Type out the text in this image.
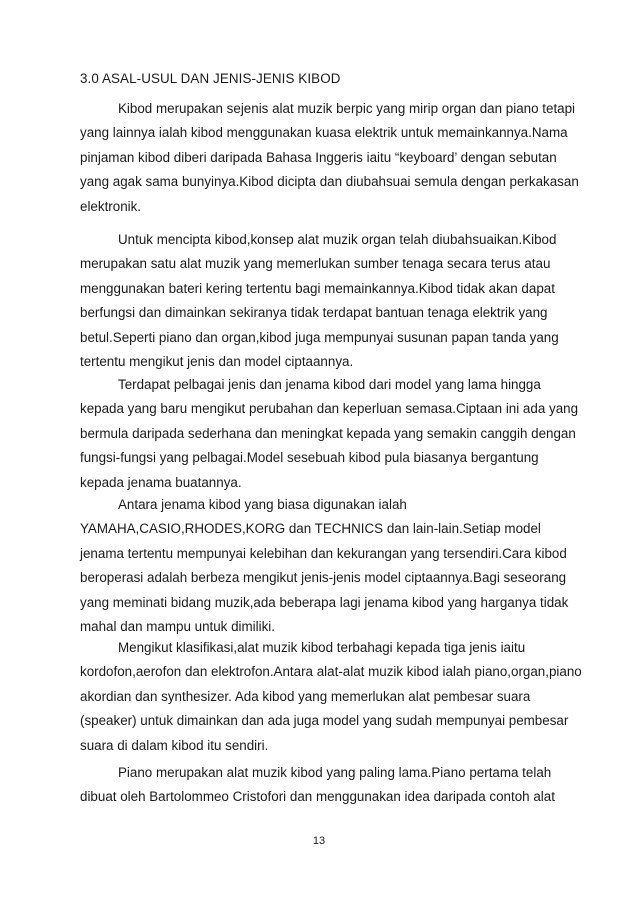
3.0 ASAL-USUL DAN JENIS-JENIS KIBOD
Kibod merupakan sejenis alat muzik berpic yang mirip organ dan piano tetapi
yang lainnya ialah kibod menggunakan kuasa elektrik untuk memainkannya.Nama
pinjaman kibod diberi daripada Bahasa Inggeris iaitu “keyboard’ dengan sebutan
yang agak sama bunyinya.Kibod dicipta dan diubahsuai semula dengan perkakasan
elektronik.
Untuk mencipta kibod,konsep alat muzik organ telah diubahsuaikan.Kibod
merupakan satu alat muzik yang memerlukan sumber tenaga secara terus atau
menggunakan bateri kering tertentu bagi memainkannya.Kibod tidak akan dapat
berfungsi dan dimainkan sekiranya tidak terdapat bantuan tenaga elektrik yang
betul.Seperti piano dan organ,kibod juga mempunyai susunan papan tanda yang
tertentu mengikut jenis dan model ciptaannya.
Terdapat pelbagai jenis dan jenama kibod dari model yang lama hingga
kepada yang baru mengikut perubahan dan keperluan semasa.Ciptaan ini ada yang
bermula daripada sederhana dan meningkat kepada yang semakin canggih dengan
fungsi-fungsi yang pelbagai.Model sesebuah kibod pula biasanya bergantung
kepada jenama buatannya.
Antara jenama kibod yang biasa digunakan ialah
YAMAHA,CASIO,RHODES,KORG dan TECHNICS dan lain-lain.Setiap model
jenama tertentu mempunyai kelebihan dan kekurangan yang tersendiri.Cara kibod
beroperasi adalah berbeza mengikut jenis-jenis model ciptaannya.Bagi seseorang
yang meminati bidang muzik,ada beberapa lagi jenama kibod yang harganya tidak
mahal dan mampu untuk dimiliki.
Mengikut klasifikasi,alat muzik kibod terbahagi kepada tiga jenis iaitu
kordofon,aerofon dan elektrofon.Antara alat-alat muzik kibod ialah piano,organ,piano
akordian dan synthesizer. Ada kibod yang memerlukan alat pembesar suara
(speaker) untuk dimainkan dan ada juga model yang sudah mempunyai pembesar
suara di dalam kibod itu sendiri.
Piano merupakan alat muzik kibod yang paling lama.Piano pertama telah
dibuat oleh Bartolommeo Cristofori dan menggunakan idea daripada contoh alat
13
